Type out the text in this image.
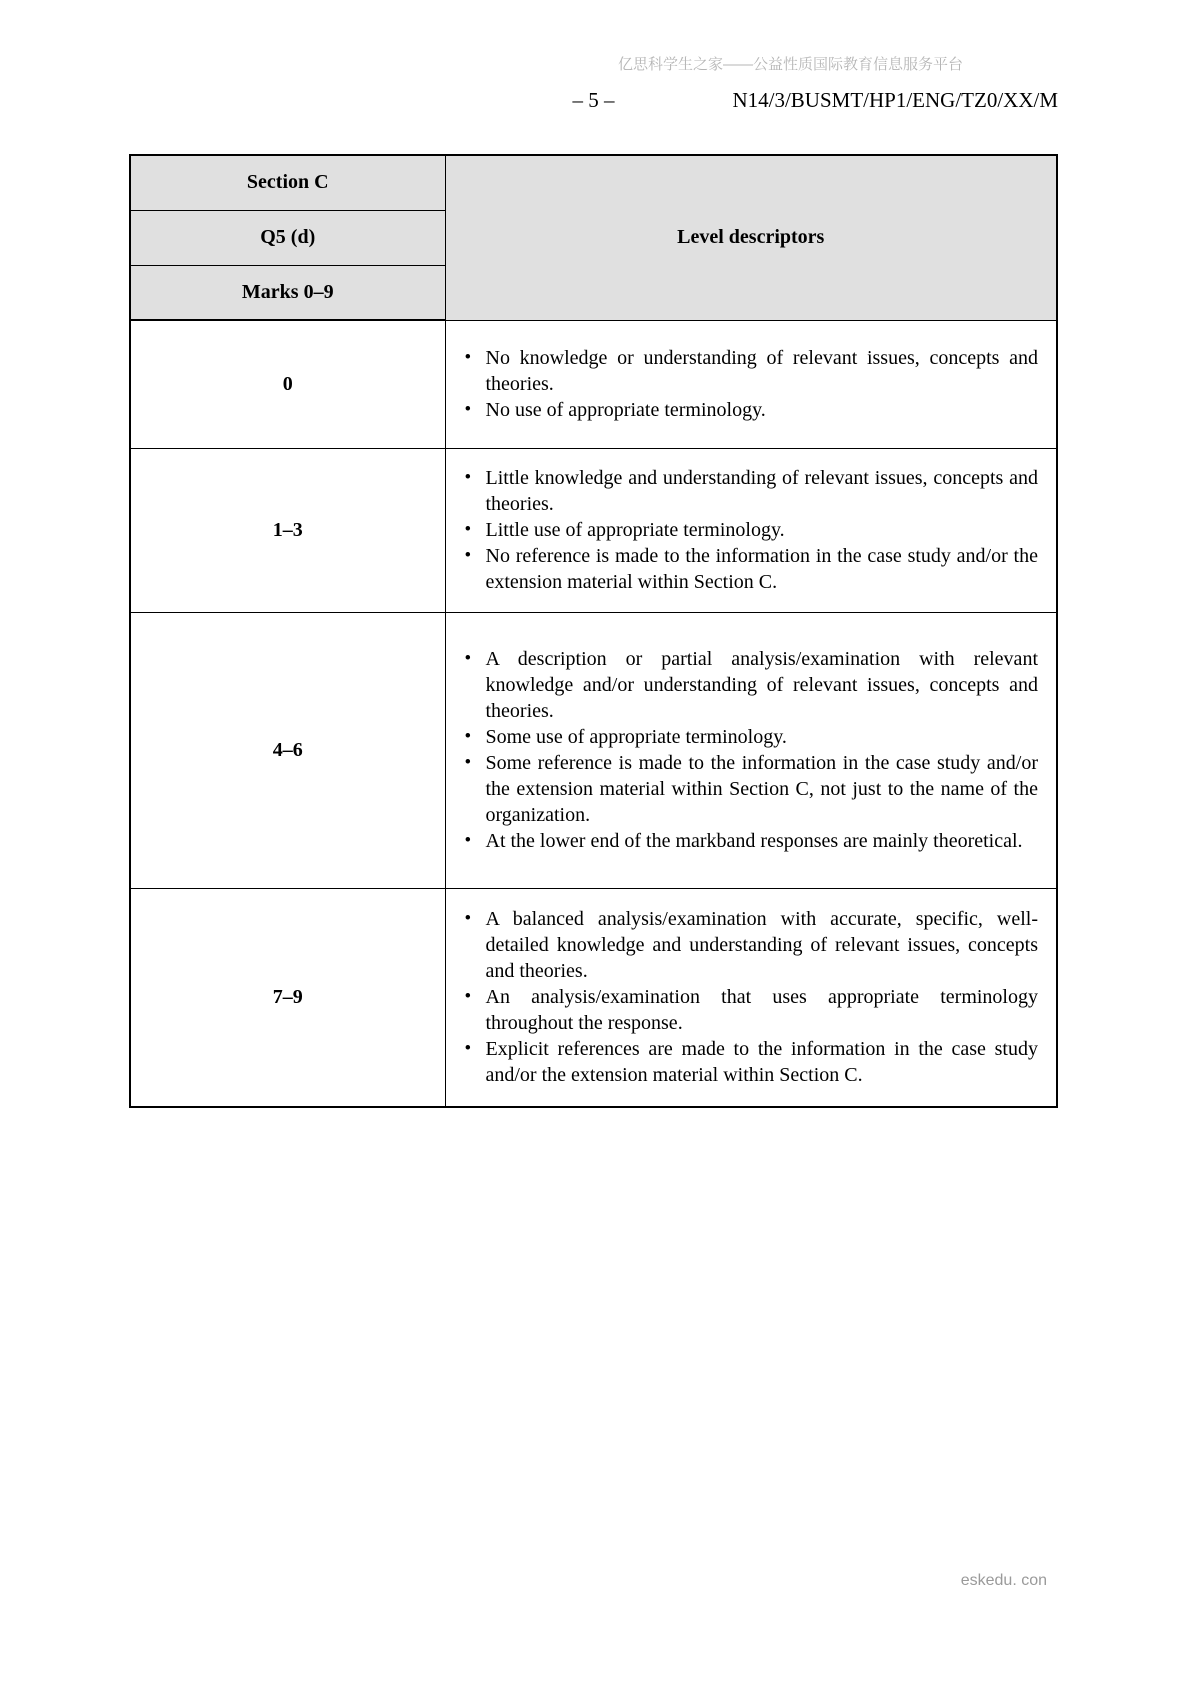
亿思科学生之家——公益性质国际教育信息服务平台
– 5 –	N14/3/BUSMT/HP1/ENG/TZ0/XX/M
Section C	Level descriptors
Q5 (d)	
Marks 0–9	
0	
• No knowledge or understanding of relevant issues, concepts and theories.
• No use of appropriate terminology.

1–3	
• Little knowledge and understanding of relevant issues, concepts and theories.
• Little use of appropriate terminology.
• No reference is made to the information in the case study and/or the extension material within Section C.

4–6	
• A description or partial analysis/examination with relevant knowledge and/or understanding of relevant issues, concepts and theories.
• Some use of appropriate terminology.
• Some reference is made to the information in the case study and/or the extension material within Section C, not just to the name of the organization.
• At the lower end of the markband responses are mainly theoretical.

7–9	
• A balanced analysis/examination with accurate, specific, well-detailed knowledge and understanding of relevant issues, concepts and theories.
• An analysis/examination that uses appropriate terminology throughout the response.
• Explicit references are made to the information in the case study and/or the extension material within Section C.
eskedu. con
